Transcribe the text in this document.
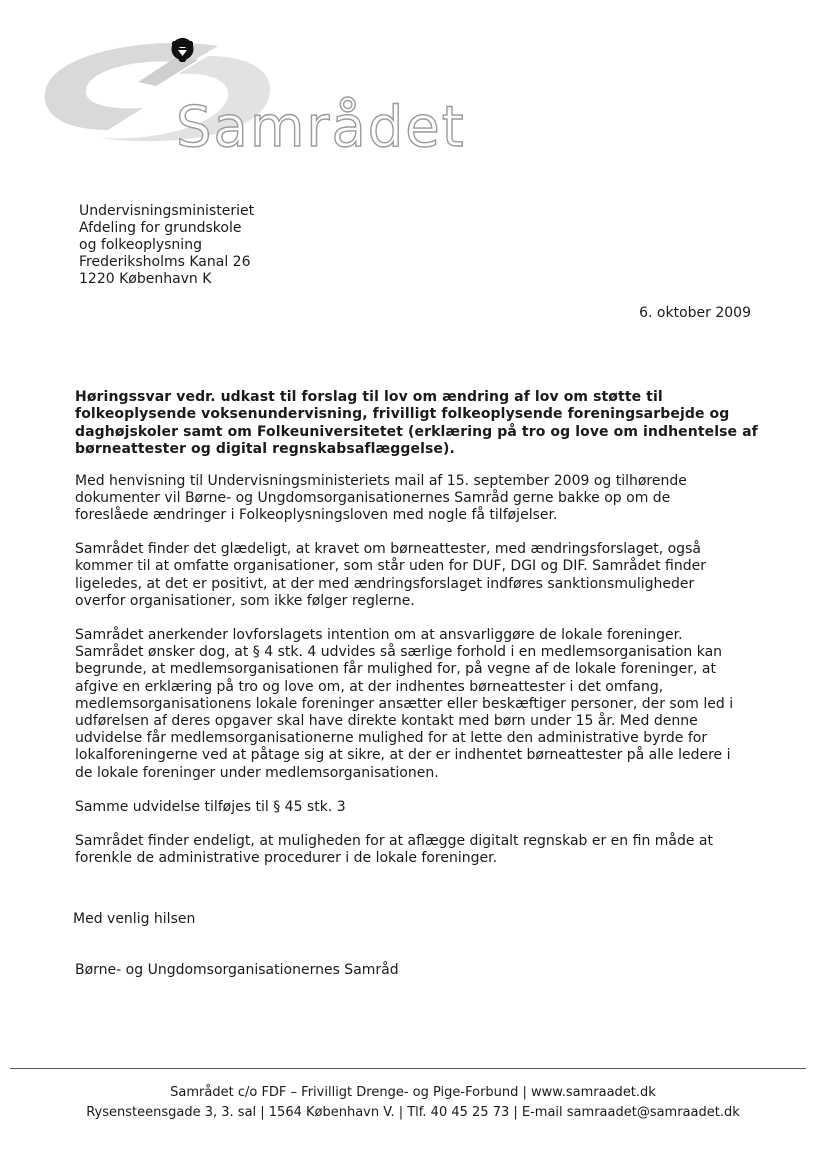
Samrådet
Undervisningsministeriet
Afdeling for grundskole
og folkeoplysning
Frederiksholms Kanal 26
1220 København K
6. oktober 2009
Høringssvar vedr. udkast til forslag til lov om ændring af lov om støtte til
folkeoplysende voksenundervisning, frivilligt folkeoplysende foreningsarbejde og
daghøjskoler samt om Folkeuniversitetet (erklæring på tro og love om indhentelse af
børneattester og digital regnskabsaflæggelse).
Med henvisning til Undervisningsministeriets mail af 15. september 2009 og tilhørende
dokumenter vil Børne- og Ungdomsorganisationernes Samråd gerne bakke op om de
foreslåede ændringer i Folkeoplysningsloven med nogle få tilføjelser.
Samrådet finder det glædeligt, at kravet om børneattester, med ændringsforslaget, også
kommer til at omfatte organisationer, som står uden for DUF, DGI og DIF. Samrådet finder
ligeledes, at det er positivt, at der med ændringsforslaget indføres sanktionsmuligheder
overfor organisationer, som ikke følger reglerne.
Samrådet anerkender lovforslagets intention om at ansvarliggøre de lokale foreninger.
Samrådet ønsker dog, at § 4 stk. 4 udvides så særlige forhold i en medlemsorganisation kan
begrunde, at medlemsorganisationen får mulighed for, på vegne af de lokale foreninger, at
afgive en erklæring på tro og love om, at der indhentes børneattester i det omfang,
medlemsorganisationens lokale foreninger ansætter eller beskæftiger personer, der som led i
udførelsen af deres opgaver skal have direkte kontakt med børn under 15 år. Med denne
udvidelse får medlemsorganisationerne mulighed for at lette den administrative byrde for
lokalforeningerne ved at påtage sig at sikre, at der er indhentet børneattester på alle ledere i
de lokale foreninger under medlemsorganisationen.
Samme udvidelse tilføjes til § 45 stk. 3
Samrådet finder endeligt, at muligheden for at aflægge digitalt regnskab er en fin måde at
forenkle de administrative procedurer i de lokale foreninger.
Med venlig hilsen
Børne- og Ungdomsorganisationernes Samråd
Samrådet c/o FDF – Frivilligt Drenge- og Pige-Forbund | www.samraadet.dk
Rysensteensgade 3, 3. sal | 1564 København V. | Tlf. 40 45 25 73 | E-mail samraadet@samraadet.dk
